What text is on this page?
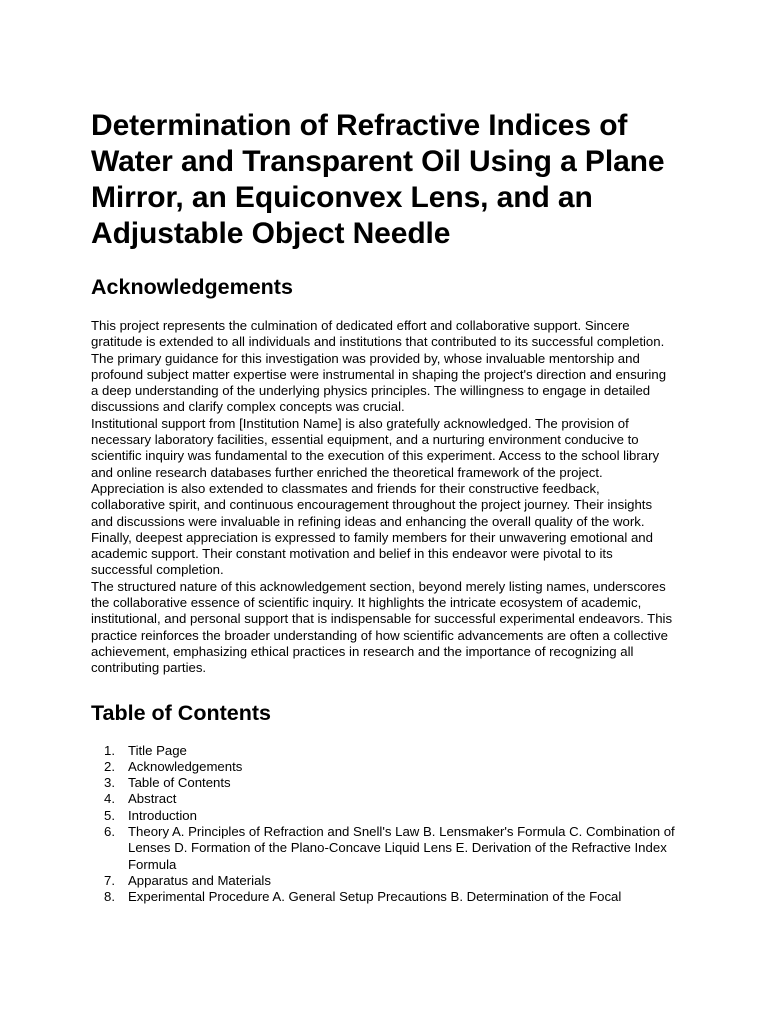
Determination of Refractive Indices of Water and Transparent Oil Using a Plane Mirror, an Equiconvex Lens, and an Adjustable Object Needle
Acknowledgements

This project represents the culmination of dedicated effort and collaborative support. Sincere gratitude is extended to all individuals and institutions that contributed to its successful completion.

The primary guidance for this investigation was provided by, whose invaluable mentorship and profound subject matter expertise were instrumental in shaping the project's direction and ensuring a deep understanding of the underlying physics principles. The willingness to engage in detailed discussions and clarify complex concepts was crucial.

Institutional support from [Institution Name] is also gratefully acknowledged. The provision of necessary laboratory facilities, essential equipment, and a nurturing environment conducive to scientific inquiry was fundamental to the execution of this experiment. Access to the school library and online research databases further enriched the theoretical framework of the project.

Appreciation is also extended to classmates and friends for their constructive feedback, collaborative spirit, and continuous encouragement throughout the project journey. Their insights and discussions were invaluable in refining ideas and enhancing the overall quality of the work.

Finally, deepest appreciation is expressed to family members for their unwavering emotional and academic support. Their constant motivation and belief in this endeavor were pivotal to its successful completion.

The structured nature of this acknowledgement section, beyond merely listing names, underscores the collaborative essence of scientific inquiry. It highlights the intricate ecosystem of academic, institutional, and personal support that is indispensable for successful experimental endeavors. This practice reinforces the broader understanding of how scientific advancements are often a collective achievement, emphasizing ethical practices in research and the importance of recognizing all contributing parties.

Table of Contents
1. Title Page
2. Acknowledgements
3. Table of Contents
4. Abstract
5. Introduction
6. Theory A. Principles of Refraction and Snell's Law B. Lensmaker's Formula C. Combination of Lenses D. Formation of the Plano-Concave Liquid Lens E. Derivation of the Refractive Index Formula
7. Apparatus and Materials
8. Experimental Procedure A. General Setup Precautions B. Determination of the Focal
